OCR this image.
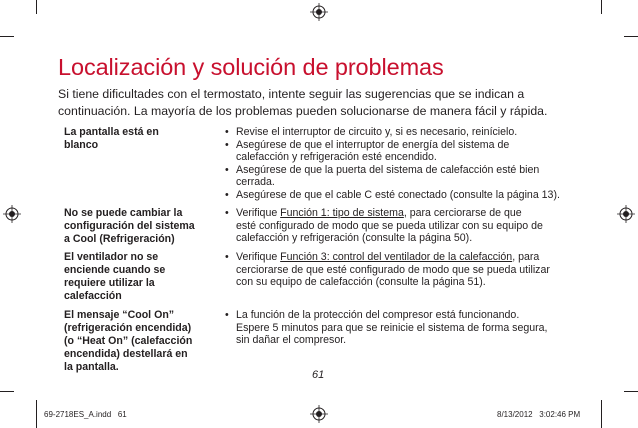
Localización y solución de problemas

Si tiene dificultades con el termostato, intente seguir las sugerencias que se indican a
continuación. La mayoría de los problemas pueden solucionarse de manera fácil y rápida.

La pantalla está en
blanco
• Revise el interruptor de circuito y, si es necesario, reinícielo.
• Asegúrese de que el interruptor de energía del sistema de
calefacción y refrigeración esté encendido.
• Asegúrese de que la puerta del sistema de calefacción esté bien
cerrada.
• Asegúrese de que el cable C esté conectado (consulte la página 13).
No se puede cambiar la
configuración del sistema
a Cool (Refrigeración)
• Verifique Función 1: tipo de sistema, para cerciorarse de que
esté configurado de modo que se pueda utilizar con su equipo de
calefacción y refrigeración (consulte la página 50).
El ventilador no se
enciende cuando se
requiere utilizar la
calefacción
• Verifique Función 3: control del ventilador de la calefacción, para
cerciorarse de que esté configurado de modo que se pueda utilizar
con su equipo de calefacción (consulte la página 51).
El mensaje “Cool On”
(refrigeración encendida)
(o “Heat On” (calefacción
encendida) destellará en
la pantalla.
• La función de la protección del compresor está funcionando.
Espere 5 minutos para que se reinicie el sistema de forma segura,
sin dañar el compresor.
61
69-2718ES_A.indd   61	8/13/2012   3:02:46 PM
